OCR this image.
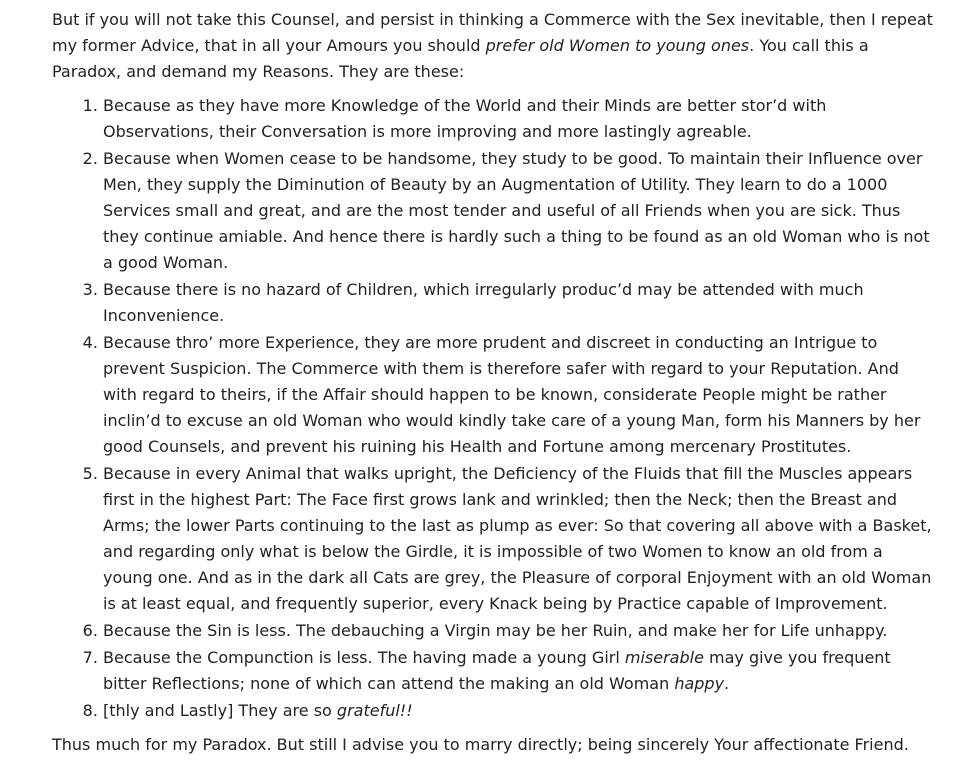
But if you will not take this Counsel, and persist in thinking a Commerce with the Sex inevitable, then I repeat my former Advice, that in all your Amours you should prefer old Women to young ones. You call this a Paradox, and demand my Reasons. They are these:

1. Because as they have more Knowledge of the World and their Minds are better stor’d with Observations, their Conversation is more improving and more lastingly agreable.
2. Because when Women cease to be handsome, they study to be good. To maintain their Influence over Men, they supply the Diminution of Beauty by an Augmentation of Utility. They learn to do a 1000 Services small and great, and are the most tender and useful of all Friends when you are sick. Thus they continue amiable. And hence there is hardly such a thing to be found as an old Woman who is not a good Woman.
3. Because there is no hazard of Children, which irregularly produc’d may be attended with much Inconvenience.
4. Because thro’ more Experience, they are more prudent and discreet in conducting an Intrigue to prevent Suspicion. The Commerce with them is therefore safer with regard to your Reputation. And with regard to theirs, if the Affair should happen to be known, considerate People might be rather inclin’d to excuse an old Woman who would kindly take care of a young Man, form his Manners by her good Counsels, and prevent his ruining his Health and Fortune among mercenary Prostitutes.
5. Because in every Animal that walks upright, the Deficiency of the Fluids that fill the Muscles appears first in the highest Part: The Face first grows lank and wrinkled; then the Neck; then the Breast and Arms; the lower Parts continuing to the last as plump as ever: So that covering all above with a Basket, and regarding only what is below the Girdle, it is impossible of two Women to know an old from a young one. And as in the dark all Cats are grey, the Pleasure of corporal Enjoyment with an old Woman is at least equal, and frequently superior, every Knack being by Practice capable of Improvement.
6. Because the Sin is less. The debauching a Virgin may be her Ruin, and make her for Life unhappy.
7. Because the Compunction is less. The having made a young Girl miserable may give you frequent bitter Reflections; none of which can attend the making an old Woman happy.
8. [thly and Lastly] They are so grateful!!

Thus much for my Paradox. But still I advise you to marry directly; being sincerely Your affectionate Friend.
